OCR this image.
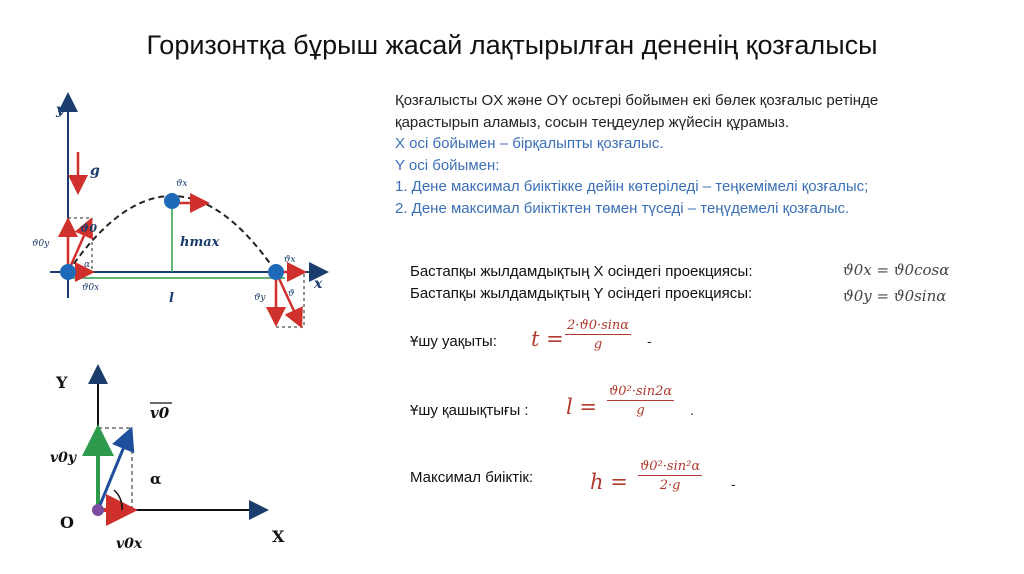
Горизонтқа бұрыш жасай лақтырылған дененің қозғалысы
Қозғалысты OX және OY осьтері бойымен екі бөлек қозғалыс ретінде
қарастырып аламыз, сосын теңдеулер жүйесін құрамыз.
X осі бойымен – бірқалыпты қозғалыс.
Y осі бойымен:
1. Дене максимал биіктікке дейін көтеріледі – теңкемімелі қозғалыс;
2. Дене максимал биіктіктен төмен түседі – теңүдемелі қозғалыс.
Бастапқы жылдамдықтың X осіндегі проекциясы:
Бастапқы жылдамдықтың Y осіндегі проекциясы:
ϑ0x = ϑ0cosα
ϑ0y = ϑ0sinα
Ұшу уақыты: $t = \frac{2\cdot ϑ0\cdot\sin\alpha}{g}$ -
Ұшу қашықтығы : $l = \frac{\text{ϑ0²·sin2α}}{g}$ .
Максимал биіктік:	$h = \frac{\text{ϑ0²·sin²α}}{2\cdot g}$ -
y
x
g
ϑ0
ϑ0y
ϑ0x
α
ϑx
hmax
l
ϑx
ϑy ϑ
Y
X
O
v0
v0y
v0x
α
